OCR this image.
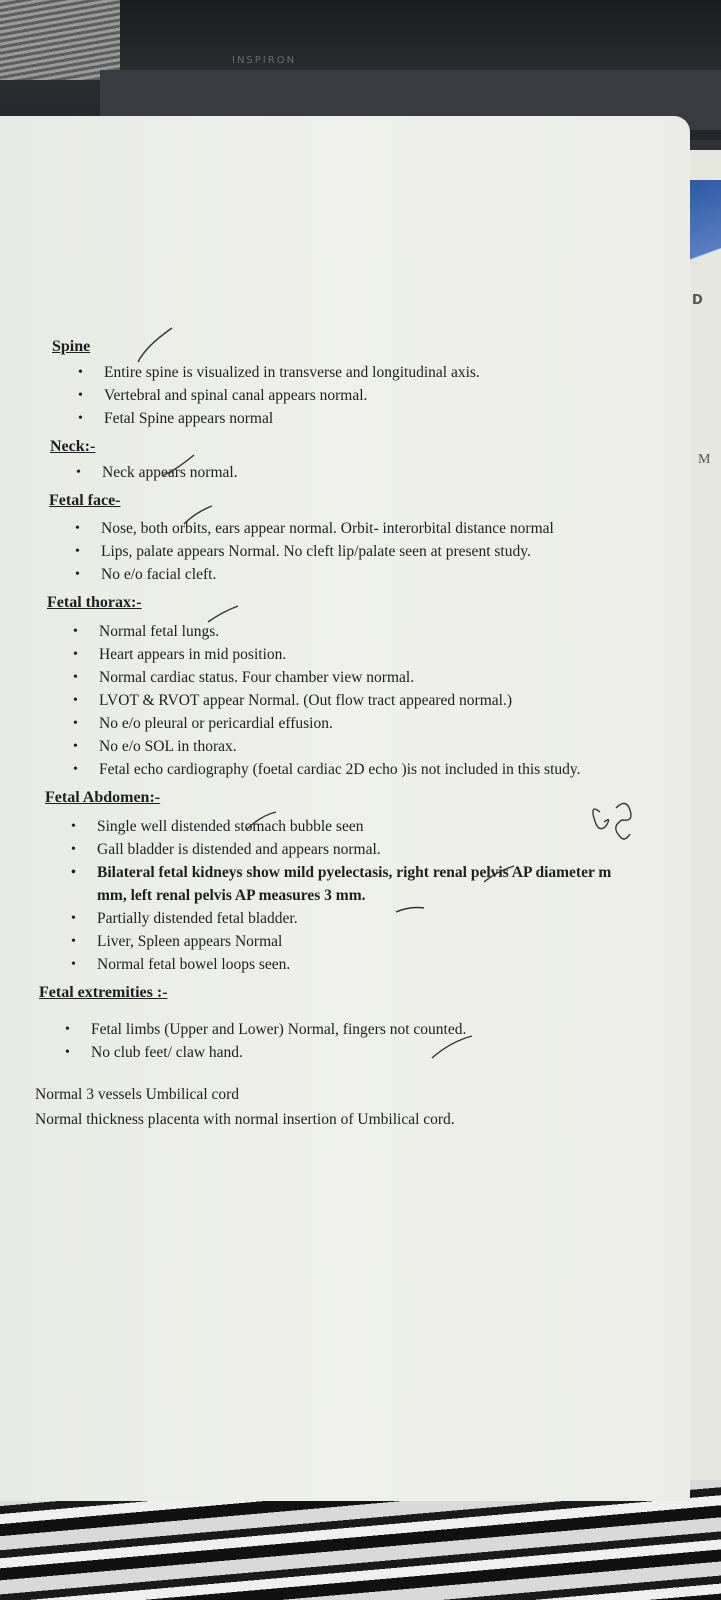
INSPIRON
D
M

Spine

• Entire spine is visualized in transverse and longitudinal axis.
• Vertebral and spinal canal appears normal.
• Fetal Spine appears normal

Neck:-

• Neck appears normal.

Fetal face-

• Nose, both orbits, ears appear normal. Orbit- interorbital distance normal
• Lips, palate appears Normal. No cleft lip/palate seen at present study.
• No e/o facial cleft.

Fetal thorax:-

• Normal fetal lungs.
• Heart appears in mid position.
• Normal cardiac status. Four chamber view normal.
• LVOT & RVOT appear Normal. (Out flow tract appeared normal.)
• No e/o pleural or pericardial effusion.
• No e/o SOL in thorax.
• Fetal echo cardiography (foetal cardiac 2D echo )is not included in this study.

Fetal Abdomen:-

• Single well distended stomach bubble seen
• Gall bladder is distended and appears normal.
• Bilateral fetal kidneys show mild pyelectasis, right renal pelvis AP diameter m
mm, left renal pelvis AP measures 3 mm.
• Partially distended fetal bladder.
• Liver, Spleen appears Normal
• Normal fetal bowel loops seen.

Fetal extremities :-

• Fetal limbs (Upper and Lower) Normal, fingers not counted.
• No club feet/ claw hand.

Normal 3 vessels Umbilical cord

Normal thickness placenta with normal insertion of Umbilical cord.
